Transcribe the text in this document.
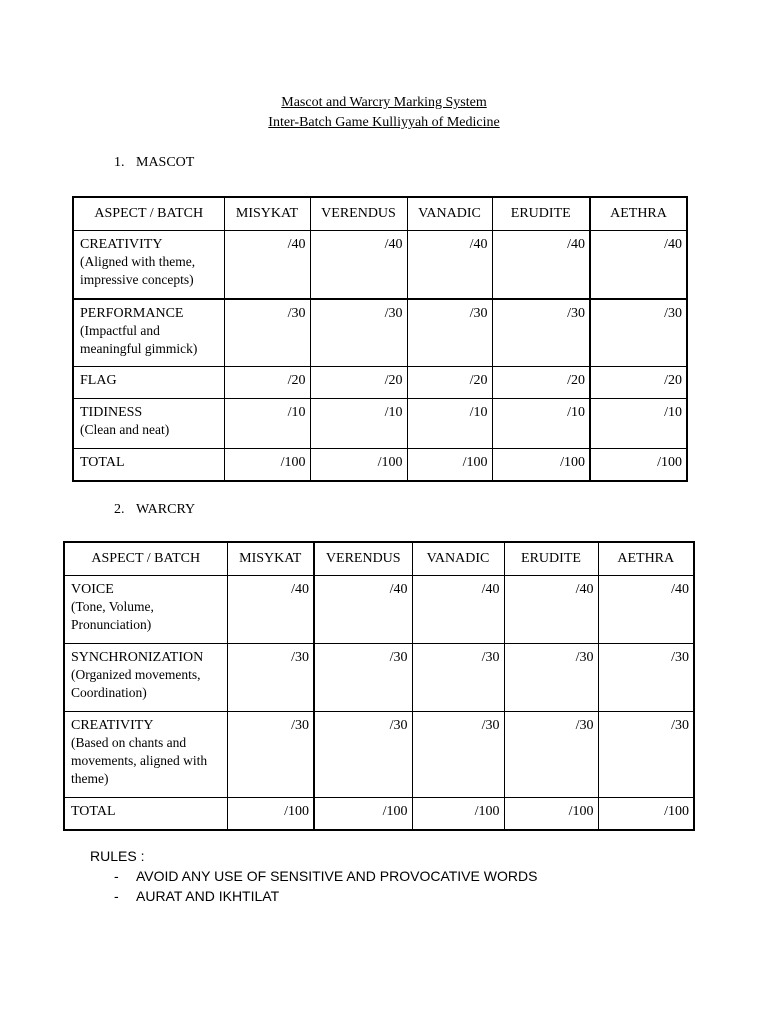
Mascot and Warcry Marking System
Inter-Batch Game Kulliyyah of Medicine
1. MASCOT
ASPECT / BATCH	MISYKAT	VERENDUS	VANADIC	ERUDITE	AETHRA

CREATIVITY
(Aligned with theme, impressive concepts)	/40	/40	/40	/40	/40

PERFORMANCE
(Impactful and meaningful gimmick)	/30	/30	/30	/30	/30

FLAG	/20	/20	/20	/20	/20

TIDINESS
(Clean and neat)	/10	/10	/10	/10	/10

TOTAL	/100	/100	/100	/100	/100
2. WARCRY
ASPECT / BATCH	MISYKAT	VERENDUS	VANADIC	ERUDITE	AETHRA

VOICE
(Tone, Volume, Pronunciation)	/40	/40	/40	/40	/40

SYNCHRONIZATION
(Organized movements, Coordination)	/30	/30	/30	/30	/30

CREATIVITY
(Based on chants and movements, aligned with theme)	/30	/30	/30	/30	/30

TOTAL	/100	/100	/100	/100	/100
RULES :
- AVOID ANY USE OF SENSITIVE AND PROVOCATIVE WORDS
- AURAT AND IKHTILAT
